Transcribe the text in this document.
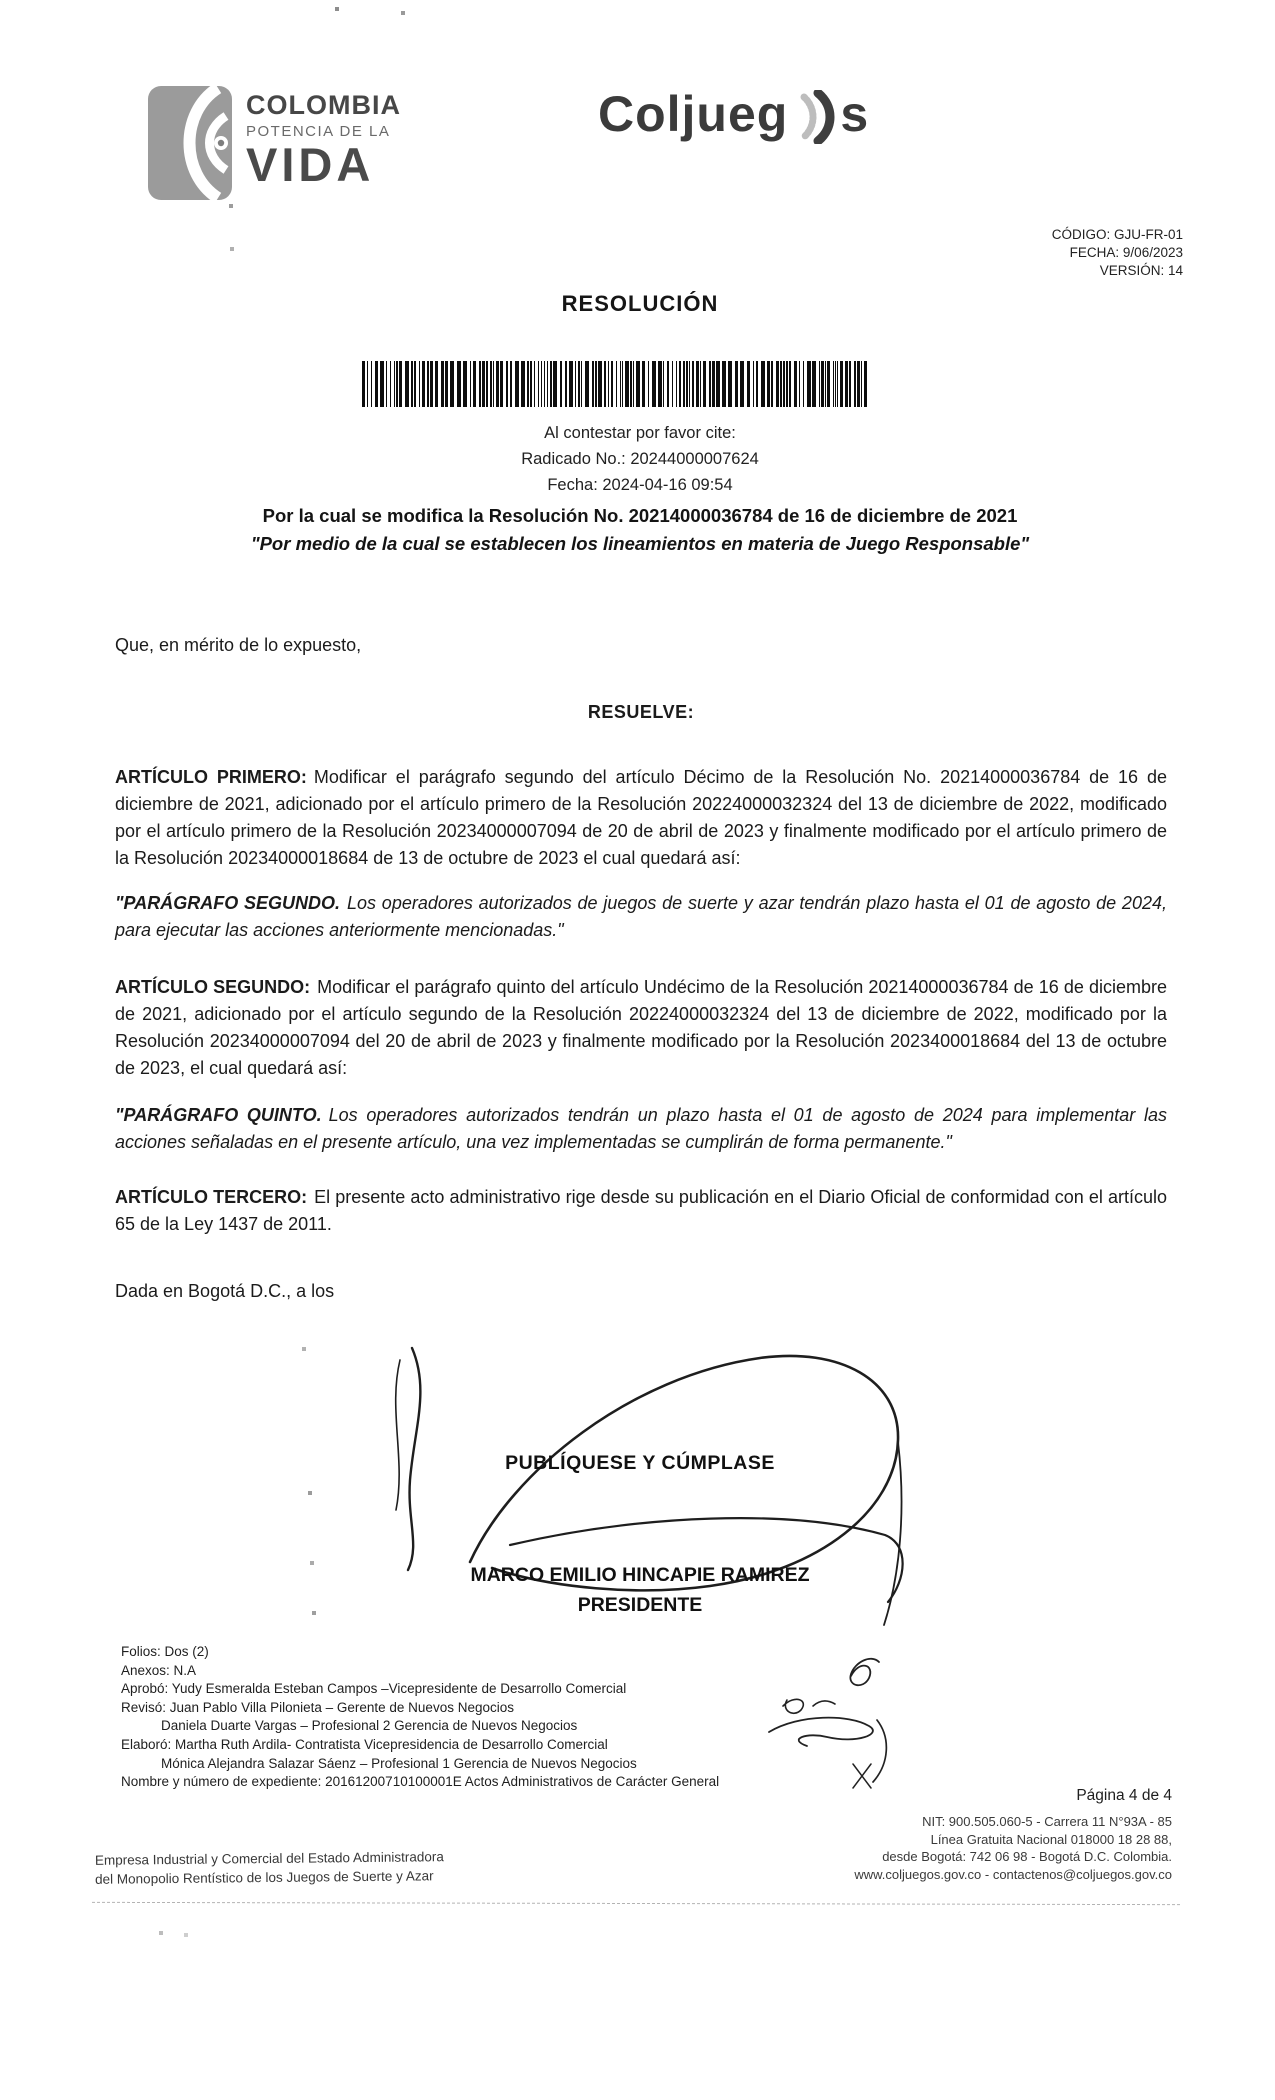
COLOMBIA
POTENCIA DE LA
VIDA
Coljueg s
CÓDIGO: GJU-FR-01
FECHA: 9/06/2023
VERSIÓN: 14
RESOLUCIÓN
Al contestar por favor cite:
Radicado No.: 20244000007624
Fecha: 2024-04-16 09:54
Por la cual se modifica la Resolución No. 20214000036784 de 16 de diciembre de 2021
"Por medio de la cual se establecen los lineamientos en materia de Juego Responsable"

Que, en mérito de lo expuesto,

RESUELVE:

ARTÍCULO PRIMERO: Modificar el parágrafo segundo del artículo Décimo de la Resolución No. 20214000036784 de 16 de diciembre de 2021, adicionado por el artículo primero de la Resolución 20224000032324 del 13 de diciembre de 2022, modificado por el artículo primero de la Resolución 20234000007094 de 20 de abril de 2023 y finalmente modificado por el artículo primero de la Resolución 20234000018684 de 13 de octubre de 2023 el cual quedará así:

"PARÁGRAFO SEGUNDO. Los operadores autorizados de juegos de suerte y azar tendrán plazo hasta el 01 de agosto de 2024, para ejecutar las acciones anteriormente mencionadas."

ARTÍCULO SEGUNDO: Modificar el parágrafo quinto del artículo Undécimo de la Resolución 20214000036784 de 16 de diciembre de 2021, adicionado por el artículo segundo de la Resolución 20224000032324 del 13 de diciembre de 2022, modificado por la Resolución 20234000007094 del 20 de abril de 2023 y finalmente modificado por la Resolución 2023400018684 del 13 de octubre de 2023, el cual quedará así:

"PARÁGRAFO QUINTO. Los operadores autorizados tendrán un plazo hasta el 01 de agosto de 2024 para implementar las acciones señaladas en el presente artículo, una vez implementadas se cumplirán de forma permanente."

ARTÍCULO TERCERO: El presente acto administrativo rige desde su publicación en el Diario Oficial de conformidad con el artículo 65 de la Ley 1437 de 2011.

Dada en Bogotá D.C., a los

PUBLÍQUESE Y CÚMPLASE
MARCO EMILIO HINCAPIE RAMIREZ
PRESIDENTE
Folios: Dos (2)
Anexos: N.A
Aprobó: Yudy Esmeralda Esteban Campos –Vicepresidente de Desarrollo Comercial
Revisó: Juan Pablo Villa Pilonieta – Gerente de Nuevos Negocios
Daniela Duarte Vargas – Profesional 2 Gerencia de Nuevos Negocios
Elaboró: Martha Ruth Ardila- Contratista Vicepresidencia de Desarrollo Comercial
Mónica Alejandra Salazar Sáenz – Profesional 1 Gerencia de Nuevos Negocios
Nombre y número de expediente: 20161200710100001E Actos Administrativos de Carácter General
Página 4 de 4
Empresa Industrial y Comercial del Estado Administradora
del Monopolio Rentístico de los Juegos de Suerte y Azar
NIT: 900.505.060-5 - Carrera 11 N°93A - 85
Línea Gratuita Nacional 018000 18 28 88,
desde Bogotá: 742 06 98 - Bogotá D.C. Colombia.
www.coljuegos.gov.co - contactenos@coljuegos.gov.co
